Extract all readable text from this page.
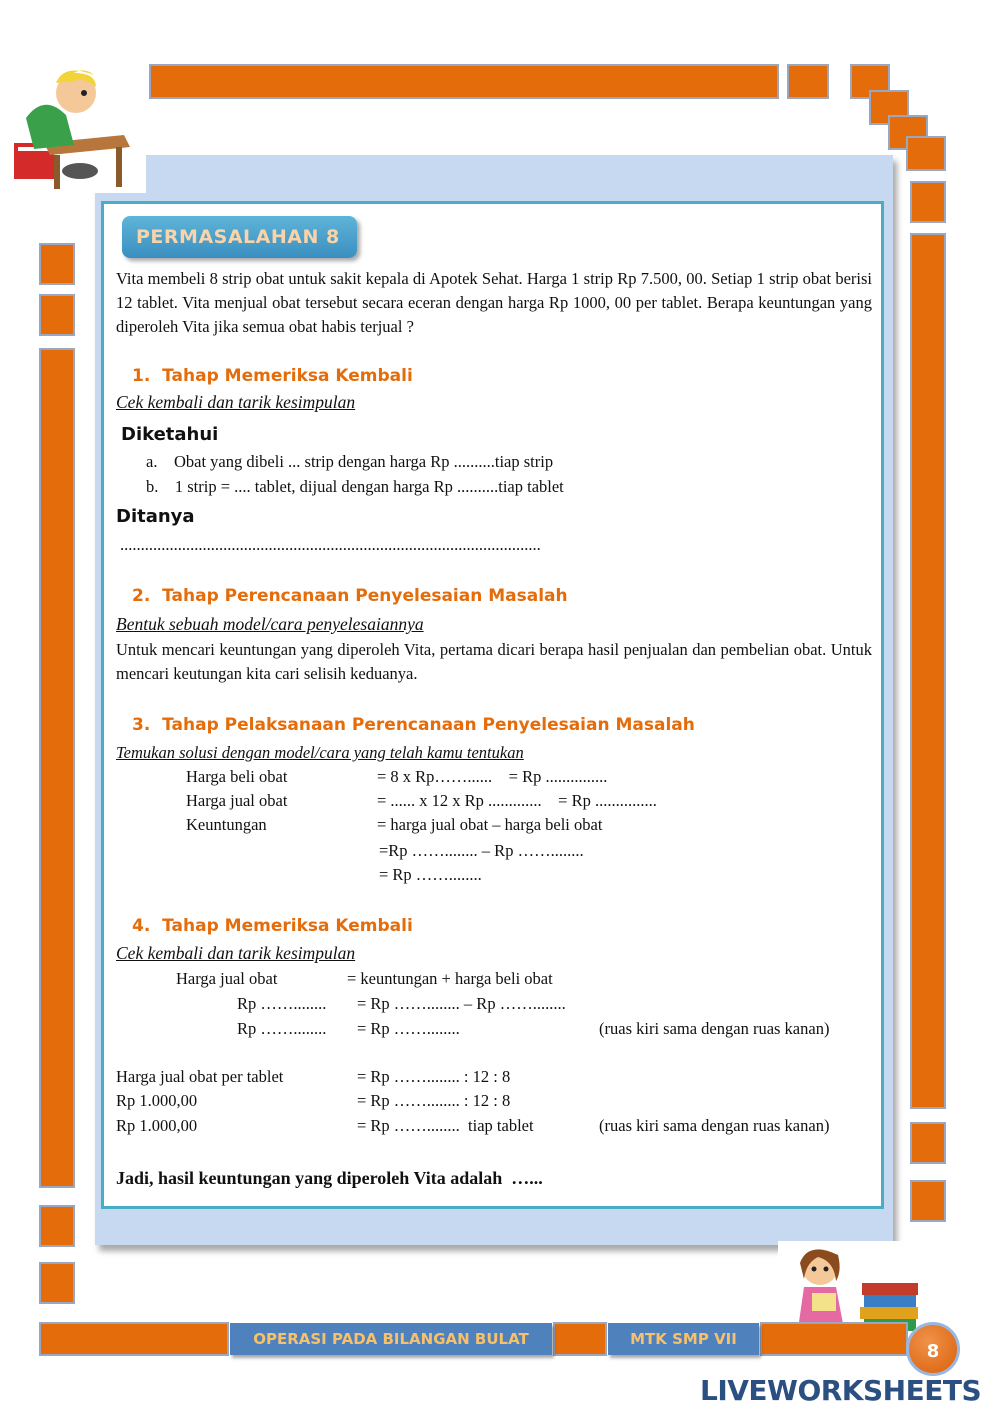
PERMASALAHAN 8
Vita membeli 8 strip obat untuk sakit kepala di Apotek Sehat. Harga 1 strip Rp 7.500, 00. Setiap 1 strip obat berisi 12 tablet. Vita menjual obat tersebut secara eceran dengan harga Rp 1000, 00 per tablet. Berapa keuntungan yang diperoleh Vita jika semua obat habis terjual ?
1.  Tahap Memeriksa Kembali
Cek kembali dan tarik kesimpulan
Diketahui
a.    Obat yang dibeli ... strip dengan harga Rp ..........tiap strip
b.    1 strip = .... tablet, dijual dengan harga Rp ..........tiap tablet
Ditanya
......................................................................................................
2.  Tahap Perencanaan Penyelesaian Masalah
Bentuk sebuah model/cara penyelesaiannya
Untuk mencari keuntungan yang diperoleh Vita, pertama dicari berapa hasil penjualan dan pembelian obat. Untuk mencari keutungan kita cari selisih keduanya.
3.  Tahap Pelaksanaan Perencanaan Penyelesaian Masalah
Temukan solusi dengan model/cara yang telah kamu tentukan
Harga beli obat	= 8 x Rp……......    = Rp ...............
Harga jual obat	= ...... x 12 x Rp .............    = Rp ...............
Keuntungan	= harga jual obat – harga beli obat
=Rp ……........ – Rp ……........
= Rp ……........
4.  Tahap Memeriksa Kembali
Cek kembali dan tarik kesimpulan
Harga jual obat	= keuntungan + harga beli obat
Rp ……........ = Rp ……........ – Rp ……........
Rp ……........ = Rp ……........	(ruas kiri sama dengan ruas kanan)
Harga jual obat per tablet	= Rp ……........ : 12 : 8
Rp 1.000,00	= Rp ……........ : 12 : 8
Rp 1.000,00	= Rp ……........  tiap tablet	(ruas kiri sama dengan ruas kanan)
Jadi, hasil keuntungan yang diperoleh Vita adalah  …...
OPERASI PADA BILANGAN BULAT	MTK SMP VII
8
LIVEWORKSHEETS
